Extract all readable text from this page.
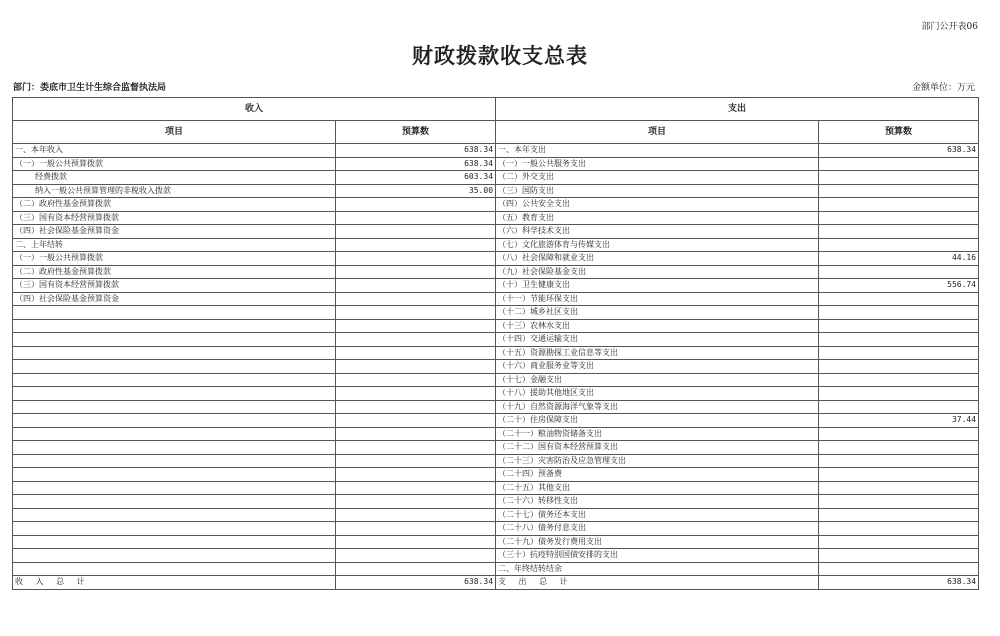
部门公开表06
财政拨款收支总表
部门：娄底市卫生计生综合监督执法局	金额单位：万元
收入		支出	
项目	预算数	项目	预算数
一、本年收入	638.34	一、本年支出	638.34
（一）一般公共预算拨款	638.34	（一）一般公共服务支出	
经费拨款	603.34	（二）外交支出	
纳入一般公共预算管理的非税收入拨款	35.00	（三）国防支出	
（二）政府性基金预算拨款		（四）公共安全支出	
（三）国有资本经营预算拨款		（五）教育支出	
（四）社会保险基金预算资金		（六）科学技术支出	
二、上年结转		（七）文化旅游体育与传媒支出	
（一）一般公共预算拨款		（八）社会保障和就业支出	44.16
（二）政府性基金预算拨款		（九）社会保险基金支出	
（三）国有资本经营预算拨款		（十）卫生健康支出	556.74
（四）社会保险基金预算资金		（十一）节能环保支出	
		（十二）城乡社区支出	
		（十三）农林水支出	
		（十四）交通运输支出	
		（十五）资源勘探工业信息等支出	
		（十六）商业服务业等支出	
		（十七）金融支出	
		（十八）援助其他地区支出	
		（十九）自然资源海洋气象等支出	
		（二十）住房保障支出	37.44
		（二十一）粮油物资储备支出	
		（二十二）国有资本经营预算支出	
		（二十三）灾害防治及应急管理支出	
		（二十四）预备费	
		（二十五）其他支出	
		（二十六）转移性支出	
		（二十七）债务还本支出	
		（二十八）债务付息支出	
		（二十九）债务发行费用支出	
		（三十）抗疫特别国债安排的支出	
		二、年终结转结余	
收 入 总 计	638.34	支 出 总 计	638.34
